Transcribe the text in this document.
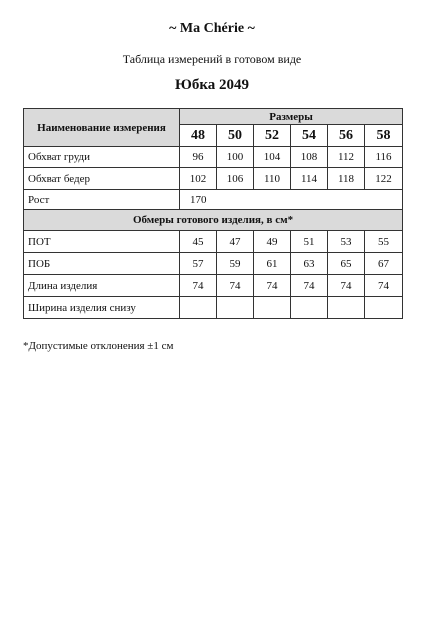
~ Ma Chérie ~
Таблица измерений в готовом виде
Юбка 2049
Наименование измерения	Размеры					
	48	50	52	54	56	58
Обхват груди	96	100	104	108	112	116
Обхват бедер	102	106	110	114	118	122
Рост	170					
Обмеры готового изделия, в см*						
ПОТ	45	47	49	51	53	55
ПОБ	57	59	61	63	65	67
Длина изделия	74	74	74	74	74	74
Ширина изделия снизу						
*Допустимые отклонения ±1 см
